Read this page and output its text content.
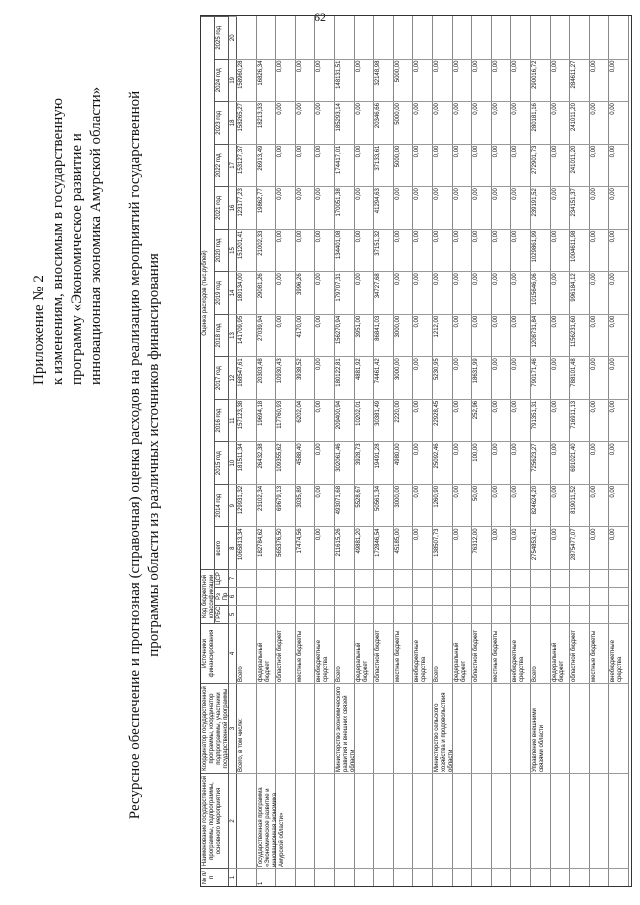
62
Приложение № 2 к изменениям, вносимым в государственную программу «Экономическое развитие и инновационная экономика Амурской области» Ресурсное обеспечение и прогнозная (справочная) оценка расходов на реализацию мероприятий государственной программы области из различных источников финансирования
№ п/п
Наименование государственной программы, подпрограммы, основного мероприятия
Координатор государственной программы, координатор подпрограммы, участники государственной программы
Источники финансирования
Код бюджетной классификации ГРБС
Рз Пр
ЦСР
Оценка расходов (тыс.рублей)
всего
2014 год
2015 год
2016 год
2017 год
2018 год
2019 год
2020 год
2021 год
2022 год
2023 год
2024 год
2025 год
1
2
3
4
5
6
7
8
9
10
11
12
13
14
15
16
17
18
19
20
Всего, в том числе:
Всего
1065813,34
129931,32
181511,34
157123,38
168547,61
141709,95
180134,00
151201,41
123177,23
153127,37
158265,27
158960,28
1
Государственная программа «Экономическое развитие и инновационная экономика Амурской области»
федеральный бюджет
182784,62
23102,34
26432,38
19694,18
20303,48
27039,94
29081,26
21002,33
19862,77
26913,49
18213,33
16826,34
областной бюджет
565376,50
69679,13
109355,62
117760,93
10930,43
0,00
0,00
0,00
0,00
0,00
0,00
0,00
местные бюджеты
17474,56
3035,89
4588,40
6202,04
3938,52
4170,00
3996,26
0,00
0,00
0,00
0,00
0,00
внебюджетные средства
0,00
0,00
0,00
0,00
0,00
0,00
0,00
0,00
0,00
0,00
0,00
0,00
Министерство экономического развития и внешних связей области
Всего
211615,26
493071,68
302061,46
209400,94
180122,81
156270,94
179707,31
134401,08
170051,38
174417,01
185293,14
148131,51
федеральный бюджет
49881,20
5528,67
3928,73
10202,01
4881,92
3951,00
0,00
0,00
0,00
0,00
0,00
0,00
областной бюджет
172846,54
50561,34
19491,28
30381,49
74461,42
86841,03
34727,68
37151,32
41294,63
37133,61
20346,66
32148,98
местные бюджеты
45185,00
3000,00
4980,00
2220,00
3000,00
3000,00
0,00
0,00
0,00
5000,00
5000,00
5000,00
внебюджетные средства
0,00
0,00
0,00
0,00
0,00
0,00
0,00
0,00
0,00
0,00
0,00
0,00
Министерство сельского хозяйства и продовольствия области
Всего
138507,73
1260,90
25092,46
22928,45
5230,95
1212,00
0,00
0,00
0,00
0,00
0,00
0,00
федеральный бюджет
0,00
0,00
0,00
0,00
0,00
0,00
0,00
0,00
0,00
0,00
0,00
0,00
областной бюджет
76312,00
50,00
100,00
252,96
18631,99
0,00
0,00
0,00
0,00
0,00
0,00
0,00
местные бюджеты
0,00
0,00
0,00
0,00
0,00
0,00
0,00
0,00
0,00
0,00
0,00
0,00
внебюджетные средства
0,00
0,00
0,00
0,00
0,00
0,00
0,00
0,00
0,00
0,00
0,00
0,00
Управление внешними связями области
Всего
2754853,41
824624,20
725623,27
791351,31
790171,46
1208731,84
1015646,06
1029861,99
239191,52
272901,73
280181,16
290016,72
федеральный бюджет
0,00
0,00
0,00
0,00
0,00
0,00
0,00
0,00
0,00
0,00
0,00
0,00
областной бюджет
2875477,07
819011,52
691021,40
716911,13
788101,48
1156231,60
996184,12
1004611,98
234151,37
241011,20
241011,20
284611,27
местные бюджеты
0,00
0,00
0,00
0,00
0,00
0,00
0,00
0,00
0,00
0,00
0,00
0,00
внебюджетные средства
0,00
0,00
0,00
0,00
0,00
0,00
0,00
0,00
0,00
0,00
0,00
0,00
